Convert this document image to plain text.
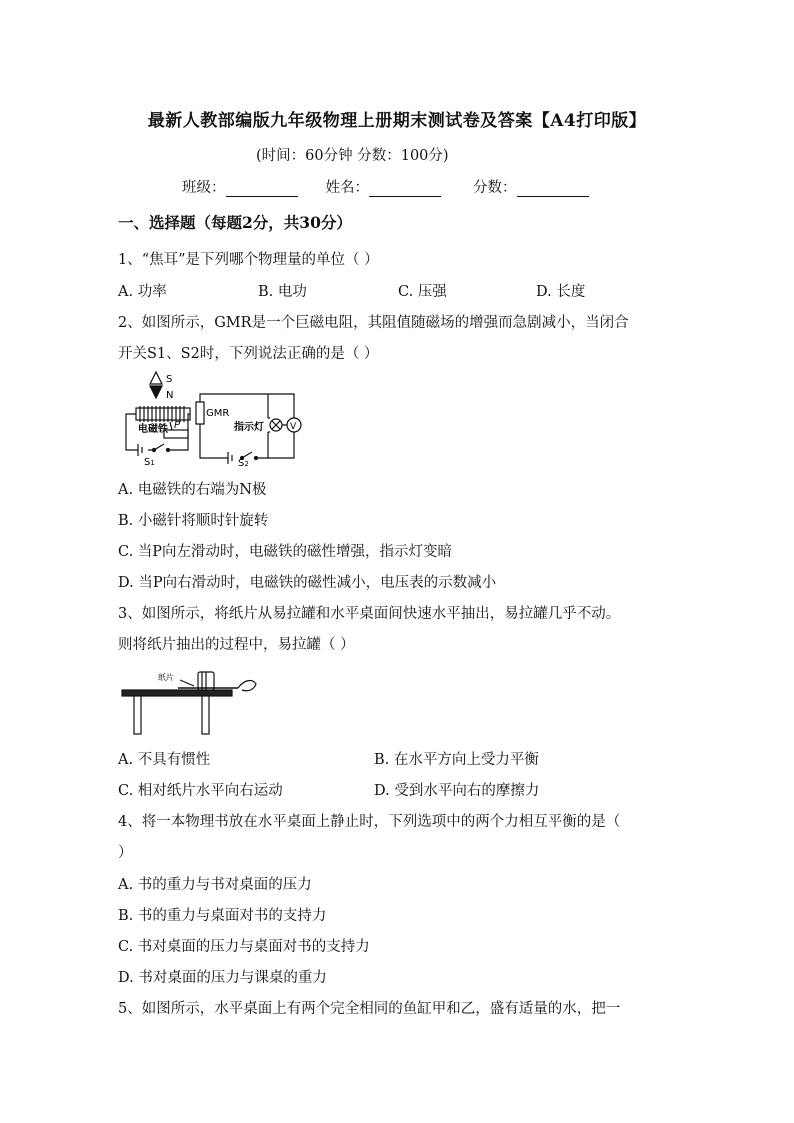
最新人教部编版九年级物理上册期末测试卷及答案【A4打印版】
(时间：60分钟 分数：100分)
班级：	姓名：	分数：
一、选择题（每题2分，共30分）
1、“焦耳”是下列哪个物理量的单位（ ）
A. 功率	B. 电功	C. 压强	D. 长度
2、如图所示，GMR是一个巨磁电阻，其阻值随磁场的增强而急剧减小，当闭合
开关S1、S2时，下列说法正确的是（ ）
S
N
GMR
电磁铁	指示灯
P
S1	S2
V
A. 电磁铁的右端为N极
B. 小磁针将顺时针旋转
C. 当P向左滑动时，电磁铁的磁性增强，指示灯变暗
D. 当P向右滑动时，电磁铁的磁性减小，电压表的示数减小
3、如图所示，将纸片从易拉罐和水平桌面间快速水平抽出，易拉罐几乎不动。
则将纸片抽出的过程中，易拉罐（ ）
纸片
A. 不具有惯性	B. 在水平方向上受力平衡
C. 相对纸片水平向右运动	D. 受到水平向右的摩擦力
4、将一本物理书放在水平桌面上静止时，下列选项中的两个力相互平衡的是（
）
A. 书的重力与书对桌面的压力
B. 书的重力与桌面对书的支持力
C. 书对桌面的压力与桌面对书的支持力
D. 书对桌面的压力与课桌的重力
5、如图所示，水平桌面上有两个完全相同的鱼缸甲和乙，盛有适量的水，把一
